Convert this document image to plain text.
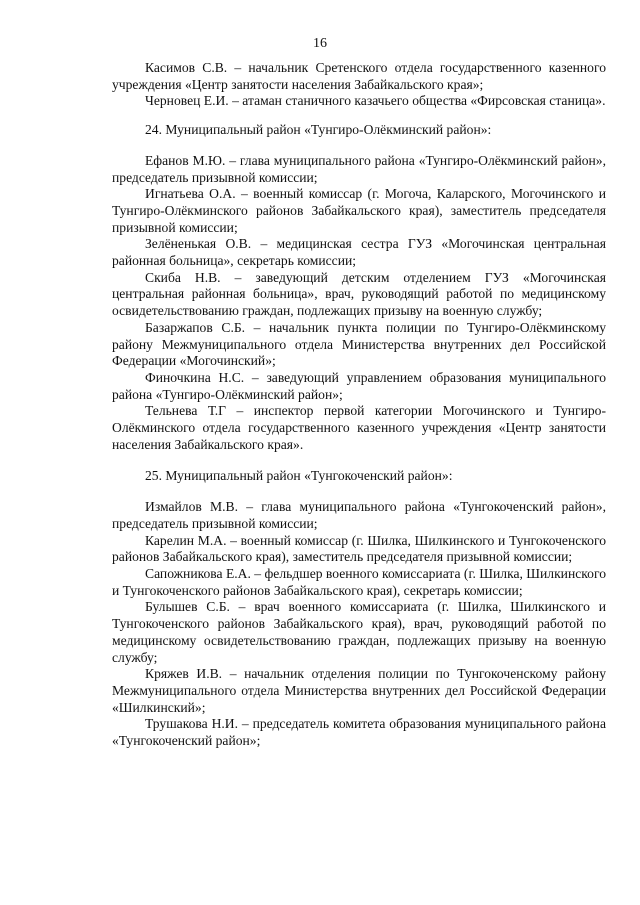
16

Касимов С.В. – начальник Сретенского отдела государственного казенного учреждения «Центр занятости населения Забайкальского края»;

Черновец Е.И. – атаман станичного казачьего общества «Фирсовская станица».

24. Муниципальный район «Тунгиро-Олёкминский район»:

Ефанов М.Ю. – глава муниципального района «Тунгиро-Олёкминский район», председатель призывной комиссии;

Игнатьева О.А. – военный комиссар (г. Могоча, Каларского, Могочинского и Тунгиро-Олёкминского районов Забайкальского края), заместитель председателя призывной комиссии;

Зелёненькая О.В. – медицинская сестра ГУЗ «Могочинская центральная районная больница», секретарь комиссии;

Скиба Н.В. – заведующий детским отделением ГУЗ «Могочинская центральная районная больница», врач, руководящий работой по медицинскому освидетельствованию граждан, подлежащих призыву на военную службу;

Базаржапов С.Б. – начальник пункта полиции по Тунгиро-Олёкминскому району Межмуниципального отдела Министерства внутренних дел Российской Федерации «Могочинский»;

Финочкина Н.С. – заведующий управлением образования муниципального района «Тунгиро-Олёкминский район»;

Тельнева Т.Г – инспектор первой категории Могочинского и Тунгиро-Олёкминского отдела государственного казенного учреждения «Центр занятости населения Забайкальского края».

25. Муниципальный район «Тунгокоченский район»:

Измайлов М.В. – глава муниципального района «Тунгокоченский район», председатель призывной комиссии;

Карелин М.А. – военный комиссар (г. Шилка, Шилкинского и Тунгокоченского районов Забайкальского края), заместитель председателя призывной комиссии;

Сапожникова Е.А. – фельдшер военного комиссариата (г. Шилка, Шилкинского и Тунгокоченского районов Забайкальского края), секретарь комиссии;

Булышев С.Б. – врач военного комиссариата (г. Шилка, Шилкинского и Тунгокоченского районов Забайкальского края), врач, руководящий работой по медицинскому освидетельствованию граждан, подлежащих призыву на военную службу;

Кряжев И.В. – начальник отделения полиции по Тунгокоченскому району Межмуниципального отдела Министерства внутренних дел Российской Федерации «Шилкинский»;

Трушакова Н.И. – председатель комитета образования муниципального района «Тунгокоченский район»;
